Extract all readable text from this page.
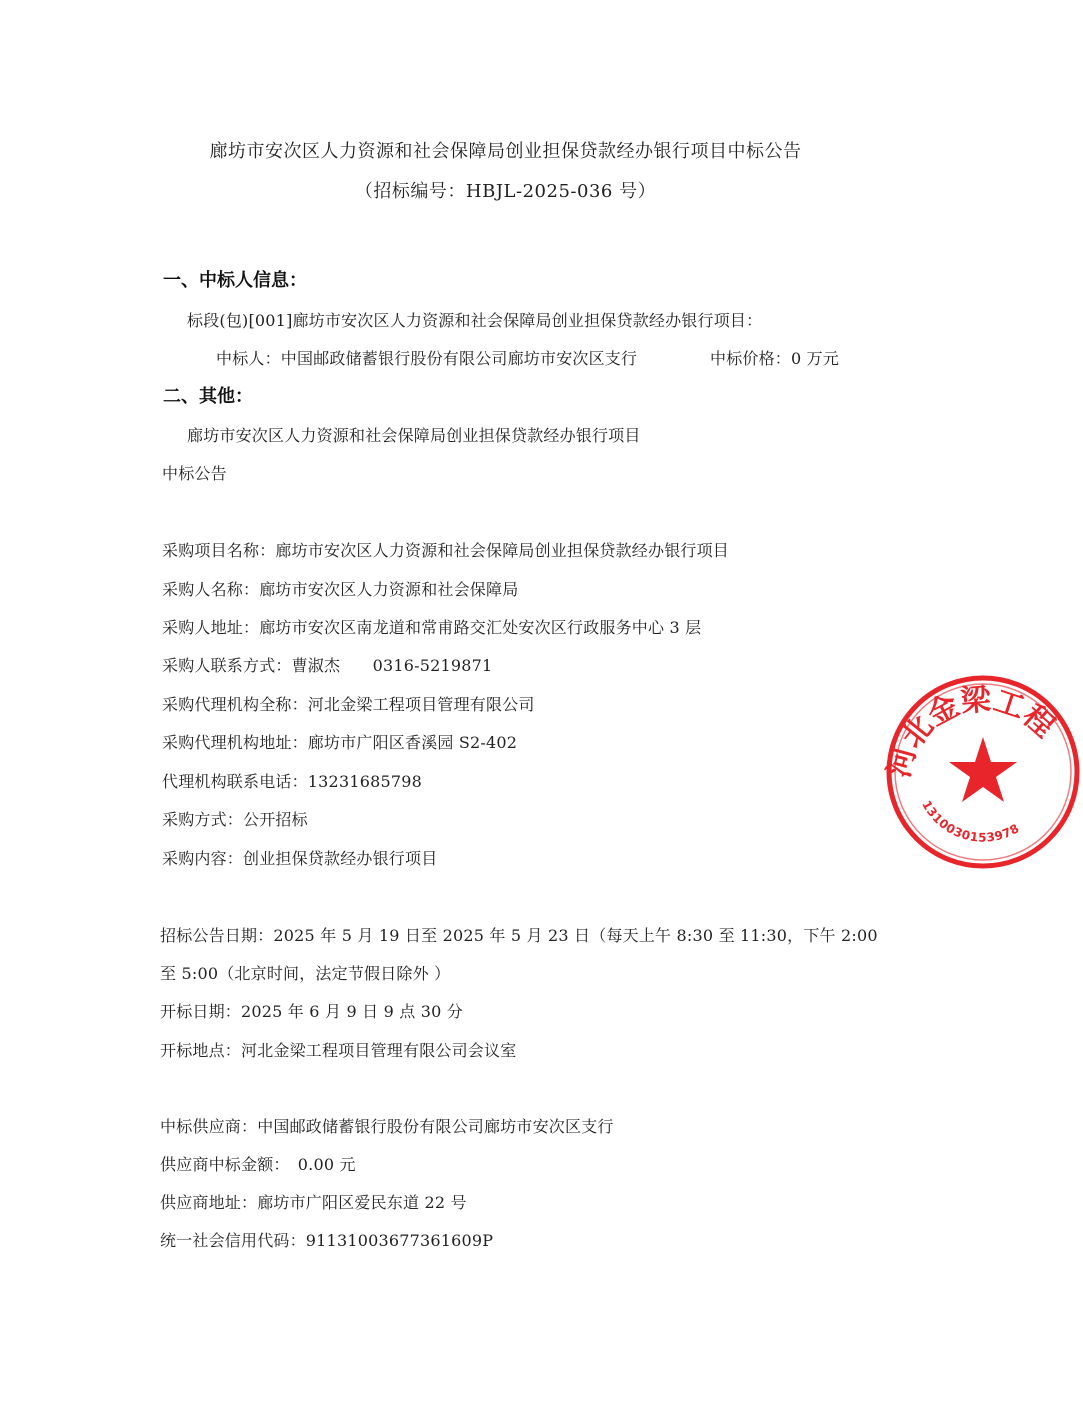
廊坊市安次区人力资源和社会保障局创业担保贷款经办银行项目中标公告
（招标编号：HBJL-2025-036 号）
一、中标人信息：
标段(包)[001]廊坊市安次区人力资源和社会保障局创业担保贷款经办银行项目：
中标人：中国邮政储蓄银行股份有限公司廊坊市安次区支行	中标价格：0 万元
二、其他：
廊坊市安次区人力资源和社会保障局创业担保贷款经办银行项目
中标公告
采购项目名称：廊坊市安次区人力资源和社会保障局创业担保贷款经办银行项目
采购人名称：廊坊市安次区人力资源和社会保障局
采购人地址：廊坊市安次区南龙道和常甫路交汇处安次区行政服务中心 3 层
采购人联系方式：曹淑杰　　0316-5219871
采购代理机构全称：河北金梁工程项目管理有限公司
采购代理机构地址：廊坊市广阳区香溪园 S2-402
代理机构联系电话：13231685798
采购方式：公开招标
采购内容：创业担保贷款经办银行项目
招标公告日期：2025 年 5 月 19 日至 2025 年 5 月 23 日（每天上午 8:30 至 11:30，下午 2:00
至 5:00（北京时间，法定节假日除外 ）
开标日期：2025 年 6 月 9 日 9 点 30 分
开标地点：河北金梁工程项目管理有限公司会议室
中标供应商：中国邮政储蓄银行股份有限公司廊坊市安次区支行
供应商中标金额：　0.00 元
供应商地址：廊坊市广阳区爱民东道 22 号
统一社会信用代码：91131003677361609P
河北金梁工程
1310030153978
